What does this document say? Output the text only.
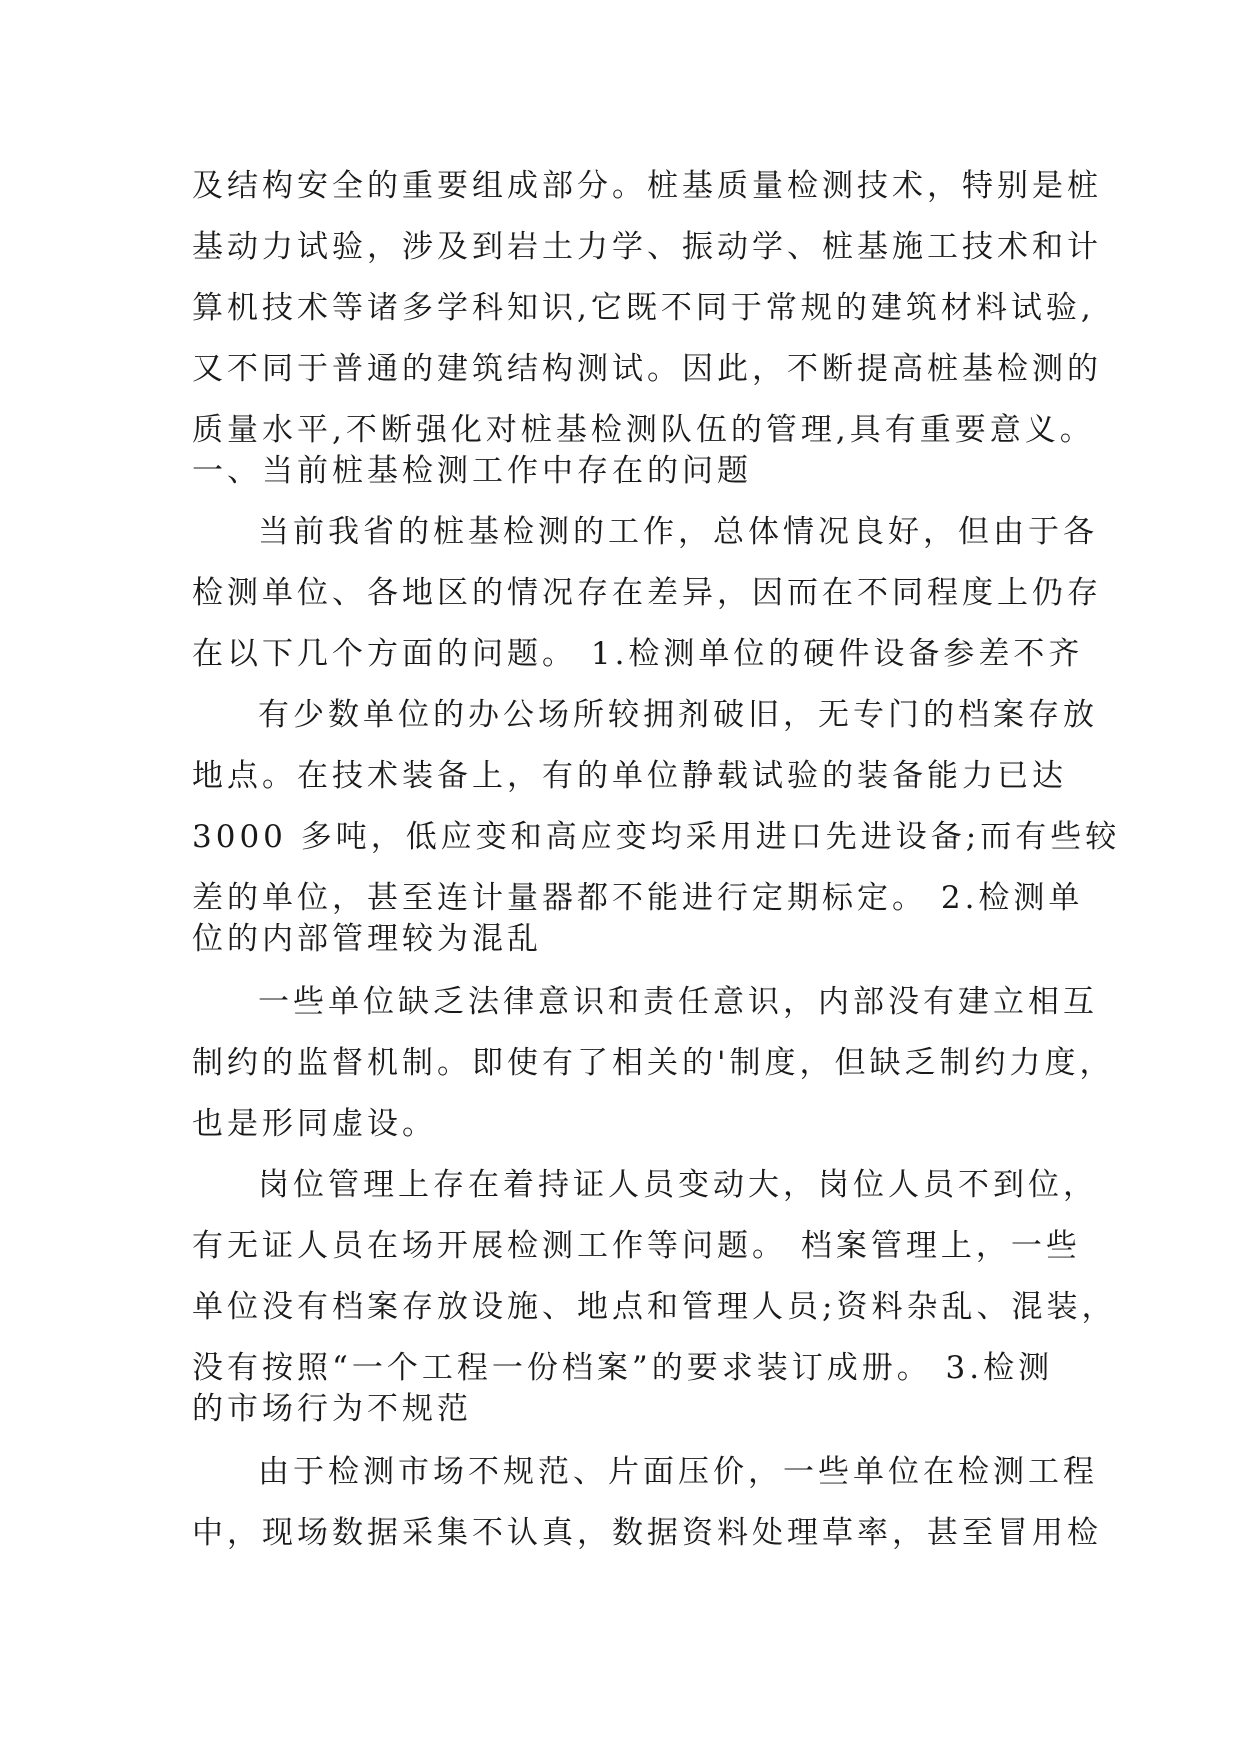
及结构安全的重要组成部分。桩基质量检测技术，特别是桩

基动力试验，涉及到岩土力学、振动学、桩基施工技术和计

算机技术等诸多学科知识,它既不同于常规的建筑材料试验,

又不同于普通的建筑结构测试。因此，不断提高桩基检测的

质量水平,不断强化对桩基检测队伍的管理,具有重要意义。

一、当前桩基检测工作中存在的问题

当前我省的桩基检测的工作，总体情况良好，但由于各

检测单位、各地区的情况存在差异，因而在不同程度上仍存

在以下几个方面的问题。 1.检测单位的硬件设备参差不齐

有少数单位的办公场所较拥剂破旧，无专门的档案存放

地点。在技术装备上，有的单位静载试验的装备能力已达

3000 多吨，低应变和高应变均采用进口先进设备;而有些较

差的单位，甚至连计量器都不能进行定期标定。 2.检测单

位的内部管理较为混乱

一些单位缺乏法律意识和责任意识，内部没有建立相互

制约的监督机制。即使有了相关的'制度，但缺乏制约力度，

也是形同虚设。

岗位管理上存在着持证人员变动大，岗位人员不到位，

有无证人员在场开展检测工作等问题。 档案管理上，一些

单位没有档案存放设施、地点和管理人员;资料杂乱、混装，

没有按照“一个工程一份档案”的要求装订成册。 3.检测

的市场行为不规范

由于检测市场不规范、片面压价，一些单位在检测工程

中，现场数据采集不认真，数据资料处理草率，甚至冒用检
